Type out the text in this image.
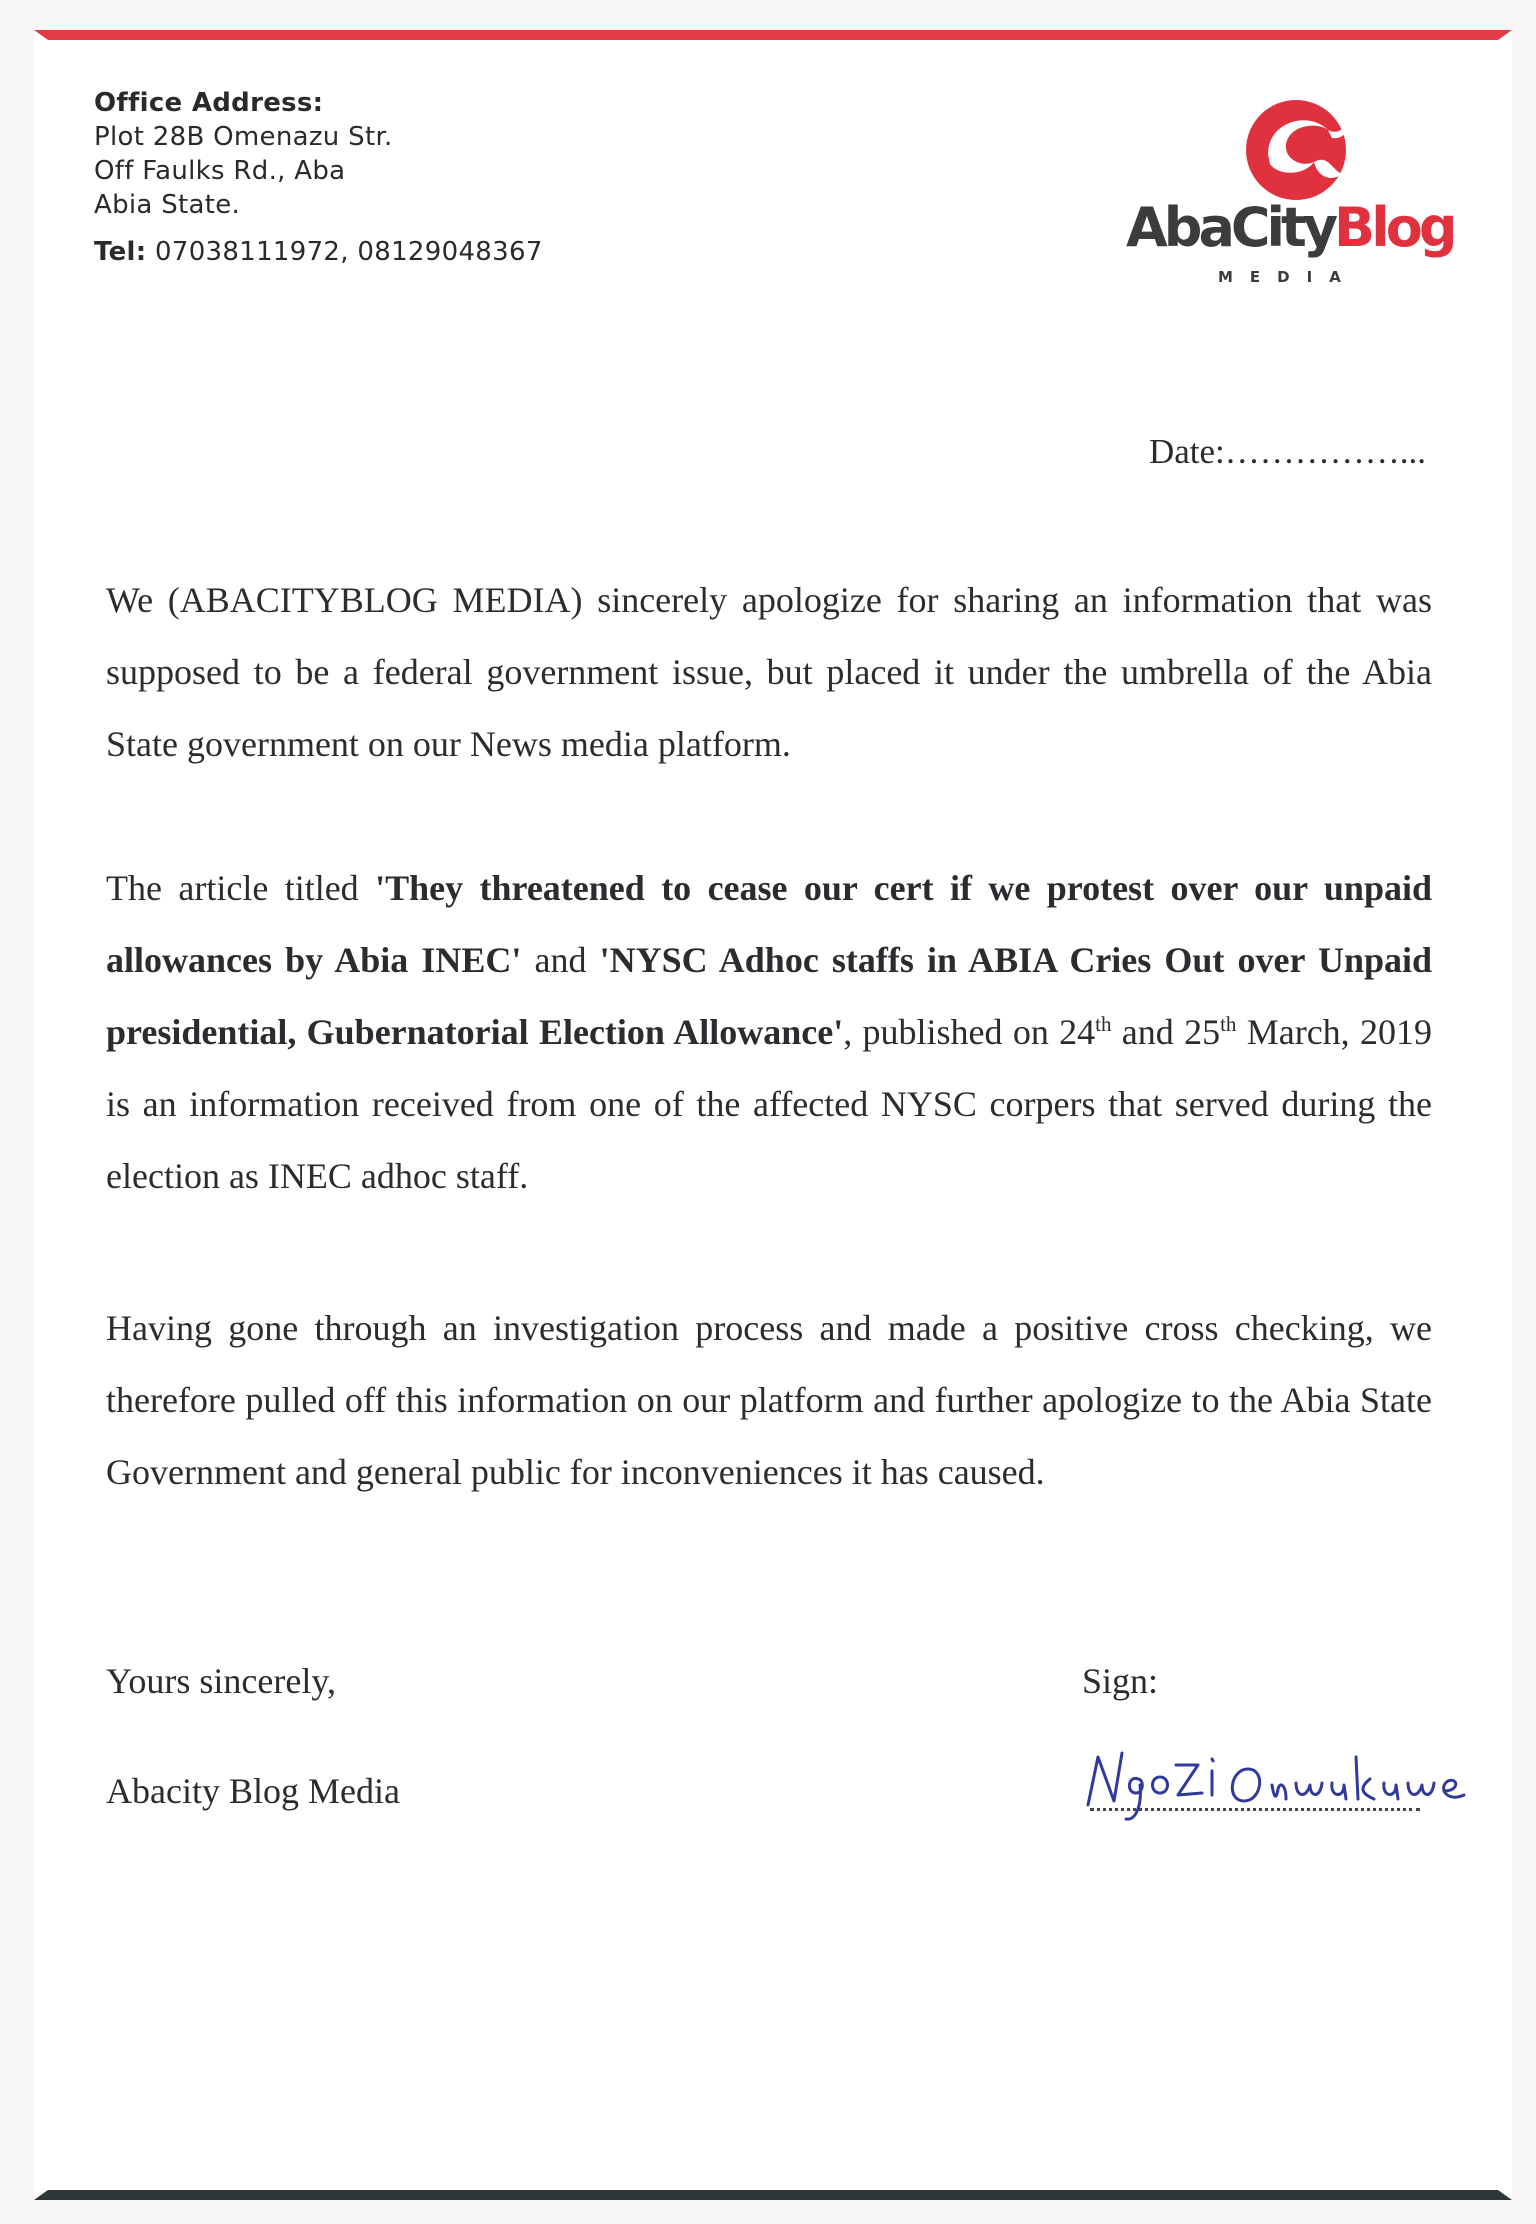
Office Address:
Plot 28B Omenazu Str.
Off Faulks Rd., Aba
Abia State.
Tel: 07038111972, 08129048367	AbaCityBlog
MEDIA
Date:……………...
We (ABACITYBLOG MEDIA) sincerely apologize for sharing an information that was supposed to be a federal government issue, but placed it under the umbrella of the Abia State government on our News media platform.
The article titled 'They threatened to cease our cert if we protest over our unpaid allowances by Abia INEC' and 'NYSC Adhoc staffs in ABIA Cries Out over Unpaid presidential, Gubernatorial Election Allowance', published on 24th and 25th March, 2019 is an information received from one of the affected NYSC corpers that served during the election as INEC adhoc staff.
Having gone through an investigation process and made a positive cross checking, we therefore pulled off this information on our platform and further apologize to the Abia State Government and general public for inconveniences it has caused.
Yours sincerely,
Abacity Blog Media
Sign:
